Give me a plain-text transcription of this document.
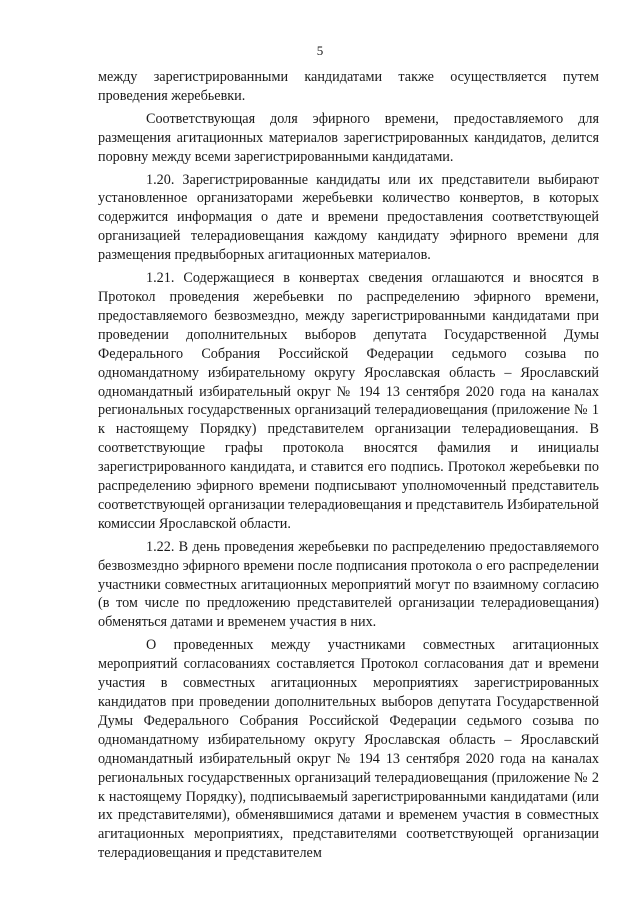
5

между зарегистрированными кандидатами также осуществляется путем проведения жеребьевки.

Соответствующая доля эфирного времени, предоставляемого для размещения агитационных материалов зарегистрированных кандидатов, делится поровну между всеми зарегистрированными кандидатами.

1.20. Зарегистрированные кандидаты или их представители выбирают установленное организаторами жеребьевки количество конвертов, в которых содержится информация о дате и времени предоставления соответствующей организацией телерадиовещания каждому кандидату эфирного времени для размещения предвыборных агитационных материалов.

1.21. Содержащиеся в конвертах сведения оглашаются и вносятся в Протокол проведения жеребьевки по распределению эфирного времени, предоставляемого безвозмездно, между зарегистрированными кандидатами при проведении дополнительных выборов депутата Государственной Думы Федерального Собрания Российской Федерации седьмого созыва по одномандатному избирательному округу Ярославская область – Ярославский одномандатный избирательный округ № 194 13 сентября 2020 года на каналах региональных государственных организаций телерадиовещания (приложение № 1 к настоящему Порядку) представителем организации телерадиовещания. В соответствующие графы протокола вносятся фамилия и инициалы зарегистрированного кандидата, и ставится его подпись. Протокол жеребьевки по распределению эфирного времени подписывают уполномоченный представитель соответствующей организации телерадиовещания и представитель Избирательной комиссии Ярославской области.

1.22. В день проведения жеребьевки по распределению предоставляемого безвозмездно эфирного времени после подписания протокола о его распределении участники совместных агитационных мероприятий могут по взаимному согласию (в том числе по предложению представителей организации телерадиовещания) обменяться датами и временем участия в них.

О проведенных между участниками совместных агитационных мероприятий согласованиях составляется Протокол согласования дат и времени участия в совместных агитационных мероприятиях зарегистрированных кандидатов при проведении дополнительных выборов депутата Государственной Думы Федерального Собрания Российской Федерации седьмого созыва по одномандатному избирательному округу Ярославская область – Ярославский одномандатный избирательный округ № 194 13 сентября 2020 года на каналах региональных государственных организаций телерадиовещания (приложение № 2 к настоящему Порядку), подписываемый зарегистрированными кандидатами (или их представителями), обменявшимися датами и временем участия в совместных агитационных мероприятиях, представителями соответствующей организации телерадиовещания и представителем
